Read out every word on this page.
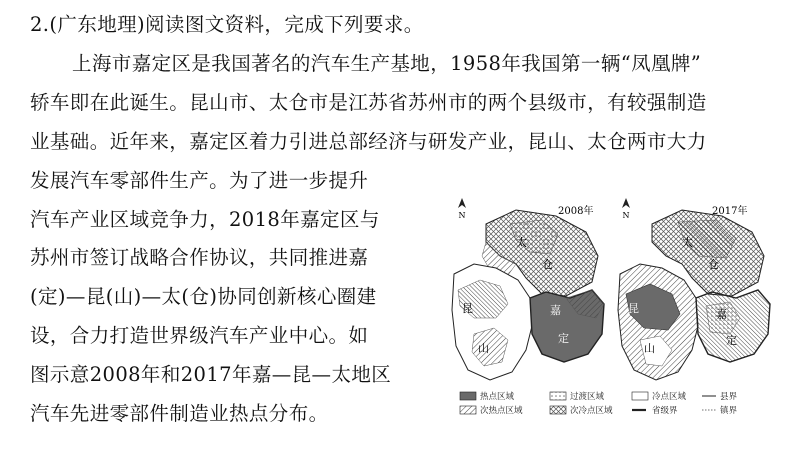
2.(广东地理)阅读图文资料，完成下列要求。
上海市嘉定区是我国著名的汽车生产基地，1958年我国第一辆“凤凰牌”
轿车即在此诞生。昆山市、太仓市是江苏省苏州市的两个县级市，有较强制造
业基础。近年来，嘉定区着力引进总部经济与研发产业，昆山、太仓两市大力
发展汽车零部件生产。为了进一步提升
汽车产业区域竞争力，2018年嘉定区与
苏州市签订战略合作协议，共同推进嘉
(定)—昆(山)—太(仓)协同创新核心圈建
设，合力打造世界级汽车产业中心。如
图示意2008年和2017年嘉—昆—太地区
汽车先进零部件制造业热点分布。
N	2008年
太
仓
昆
山
嘉
定
N	2017年
太
仓
昆
山
嘉
定
热点区域	过渡区域	冷点区域	县界
次热点区域	次冷点区域	省级界	镇界
